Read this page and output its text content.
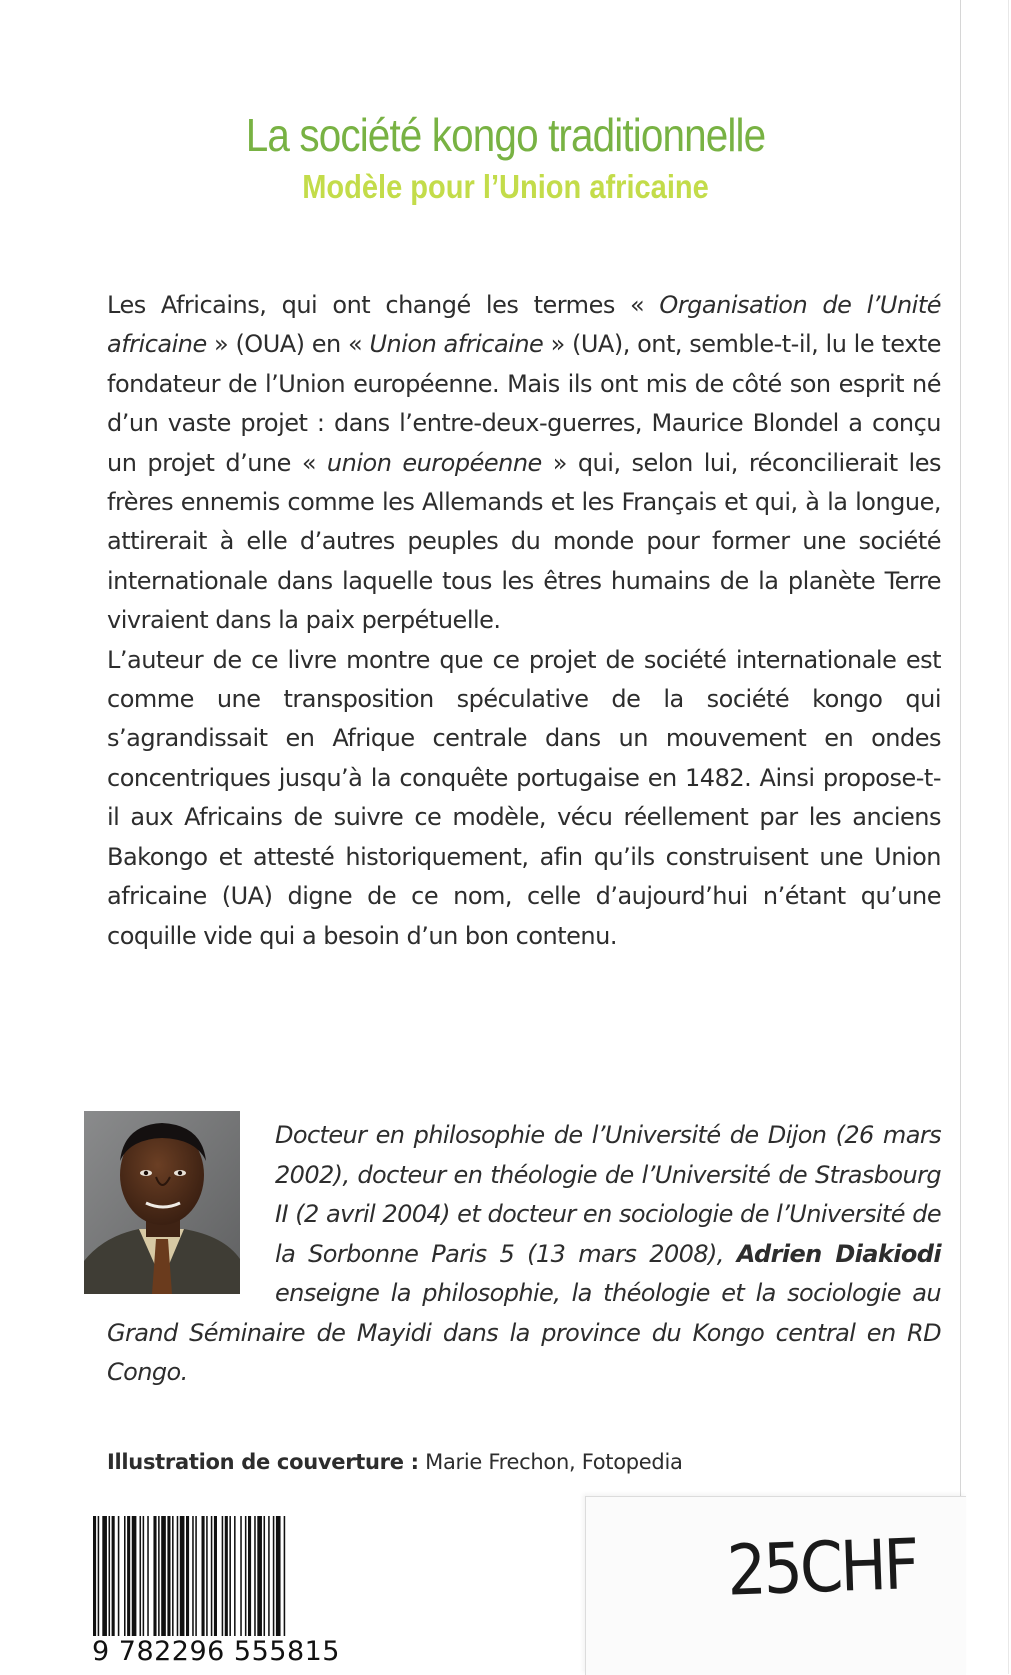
La société kongo traditionnelle
Modèle pour l’Union africaine

Les Africains, qui ont changé les termes « Organisation de l’Unité africaine » (OUA) en « Union africaine » (UA), ont, semble-t-il, lu le texte fondateur de l’Union européenne. Mais ils ont mis de côté son esprit né d’un vaste projet : dans l’entre-deux-guerres, Maurice Blondel a conçu un projet d’une « union européenne » qui, selon lui, réconcilierait les frères ennemis comme les Allemands et les Français et qui, à la longue, attirerait à elle d’autres peuples du monde pour former une société internationale dans laquelle tous les êtres humains de la planète Terre vivraient dans la paix perpétuelle.

L’auteur de ce livre montre que ce projet de société internationale est comme une transposition spéculative de la société kongo qui s’agrandissait en Afrique centrale dans un mouvement en ondes concentriques jusqu’à la conquête portugaise en 1482. Ainsi propose-t-il aux Africains de suivre ce modèle, vécu réellement par les anciens Bakongo et attesté historiquement, afin qu’ils construisent une Union africaine (UA) digne de ce nom, celle d’aujourd’hui n’étant qu’une coquille vide qui a besoin d’un bon contenu.

Docteur en philosophie de l’Université de Dijon (26 mars 2002), docteur en théologie de l’Université de Strasbourg II (2 avril 2004) et docteur en sociologie de l’Université de la Sorbonne Paris 5 (13 mars 2008), Adrien Diakiodi enseigne la philosophie, la théologie et la sociologie au Grand Séminaire de Mayidi dans la province du Kongo central en RD Congo.

Illustration de couverture : Marie Frechon, Fotopedia
9 782296 555815
25CHF
